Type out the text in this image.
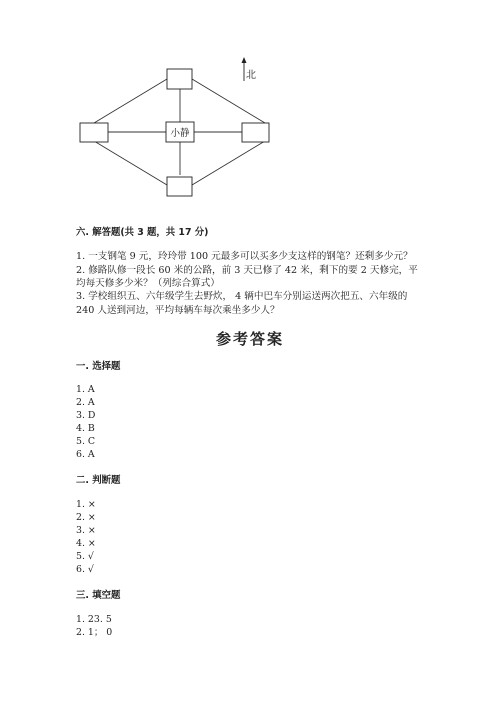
小静
北
六. 解答题(共 3 题，共 17 分)
1. 一支钢笔 9 元，玲玲带 100 元最多可以买多少支这样的钢笔？还剩多少元？
2. 修路队修一段长 60 米的公路，前 3 天已修了 42 米，剩下的要 2 天修完，平
均每天修多少米？（列综合算式）
3. 学校组织五、六年级学生去野炊， 4 辆中巴车分别运送两次把五、六年级的
240 人送到河边，平均每辆车每次乘坐多少人？
参考答案
一. 选择题
1. A
2. A
3. D
4. B
5. C
6. A
二. 判断题
1. ×
2. ×
3. ×
4. ×
5. √
6. √
三. 填空题
1. 23. 5
2. 1； 0
